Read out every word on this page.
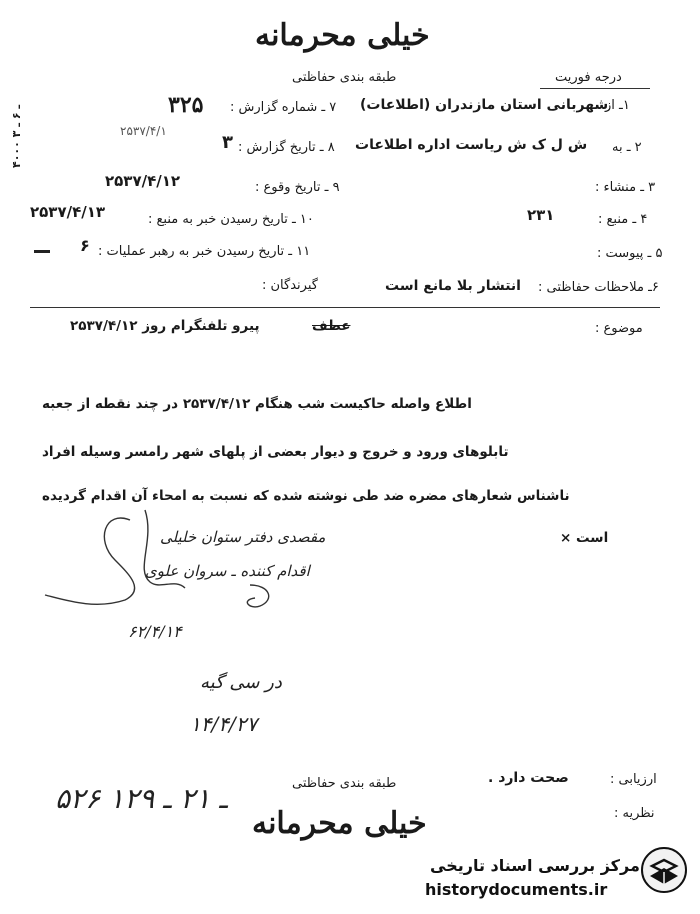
خیلی محرمانه
درجه فوریت
طبقه بندی حفاظتی
۱ـ از
شهربانی استان مازندران (اطلاعات)
۷ ـ شماره گزارش :
۳۲۵
۲ ـ به
ش ل ک ش ریاست اداره اطلاعات
۸ ـ تاریخ گزارش :
۳
۲۵۳۷/۴/۱
۴۰۰۰ ـ ۶ ـ ۳
۳ ـ منشاء :
۹ ـ تاریخ وقوع :
۲۵۳۷/۴/۱۲
۴ ـ منبع :
۲۳۱
۱۰ ـ تاریخ رسیدن خبر به منبع :
۲۵۳۷/۴/۱۳
۵ ـ پیوست :
۱۱ ـ تاریخ رسیدن خبر به رهبر عملیات :
۶
۶ـ ملاحظات حفاظتی :
انتشار بلا مانع است
گیرندگان :
موضوع :
عطف
پیرو تلفنگرام روز ۲۵۳۷/۴/۱۲
اطلاع واصله حاکیست شب هنگام ۲۵۳۷/۴/۱۲ در چند نقطه از جعبه
تابلوهای ورود و خروج و دیوار بعضی از پلهای شهر رامسر وسیله افراد
ناشناس شعارهای مضره ضد طی نوشته شده که نسبت به امحاء آن اقدام گردیده
است ×
مقصدی دفتر ستوان خلیلی
اقدام کننده ـ سروان علوی
۶۲/۴/۱۴
در سی گیه
۱۴/۴/۲۷
ارزیابی :
صحت دارد .
نظریه :
طبقه بندی حفاظتی
۵۲۶ ـ ۲۱ ـ ۱۲۹
خیلی محرمانه
مرکز بررسی اسناد تاریخی
historydocuments.ir
